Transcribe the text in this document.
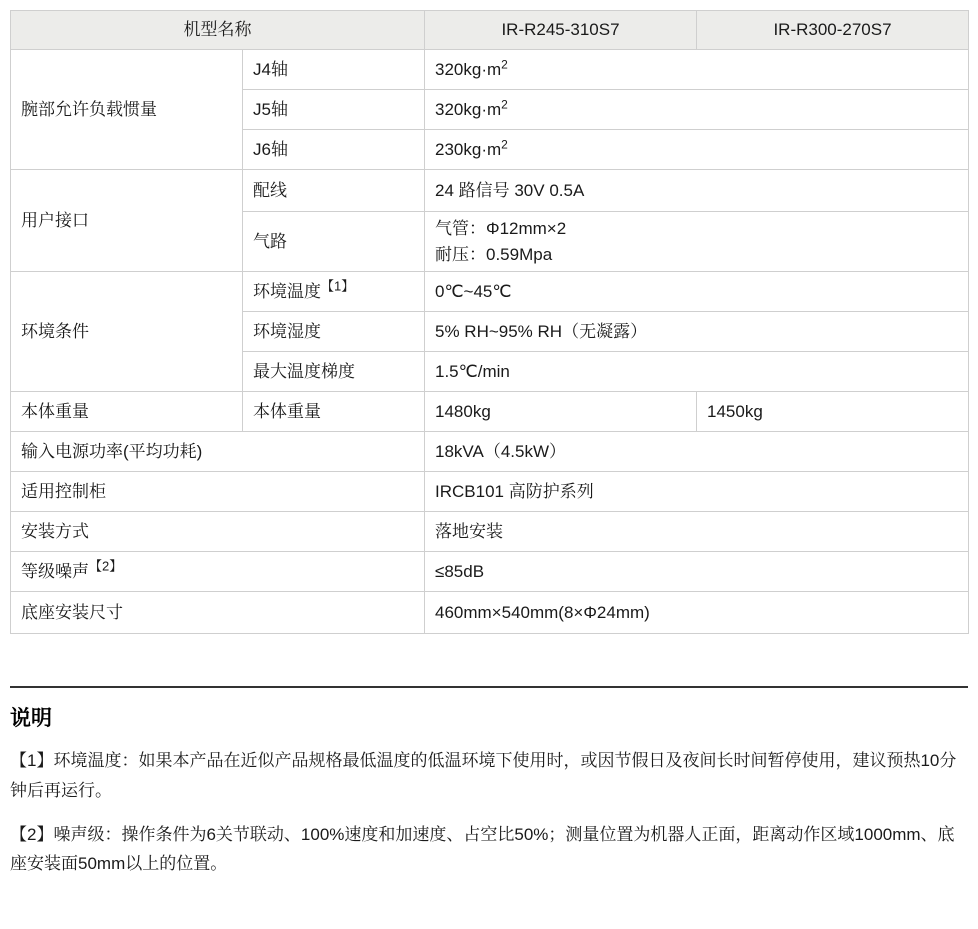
机型名称		IR-R245-310S7	IR-R300-270S7
腕部允许负载惯量	J4轴	$320kg\cdot m^2$
	J5轴	$320kg\cdot m^2$
	J6轴	$230kg\cdot m^2$
用户接口	配线	24 路信号 30V 0.5A	
	气路	气管：Φ12mm×2
耐压：0.59Mpa	

环境条件	环境温度$^{【1】}$	0℃~45℃	
	环境湿度	5% RH~95% RH（无凝露）	
	最大温度梯度	1.5℃/min	
本体重量	本体重量	1480kg	1450kg
输入电源功率(平均功耗)		18kVA（4.5kW）	
适用控制柜		IRCB101 高防护系列	
安装方式		落地安装	
等级噪声$^{【2】}$		≤85dB	
底座安装尺寸		460mm×540mm(8×Φ24mm)	
说明

【1】环境温度：如果本产品在近似产品规格最低温度的低温环境下使用时，或因节假日及夜间长时间暂停使用，建议预热10分钟后再运行。

【2】噪声级：操作条件为6关节联动、100%速度和加速度、占空比50%；测量位置为机器人正面，距离动作区域1000mm、底座安装面50mm以上的位置。
